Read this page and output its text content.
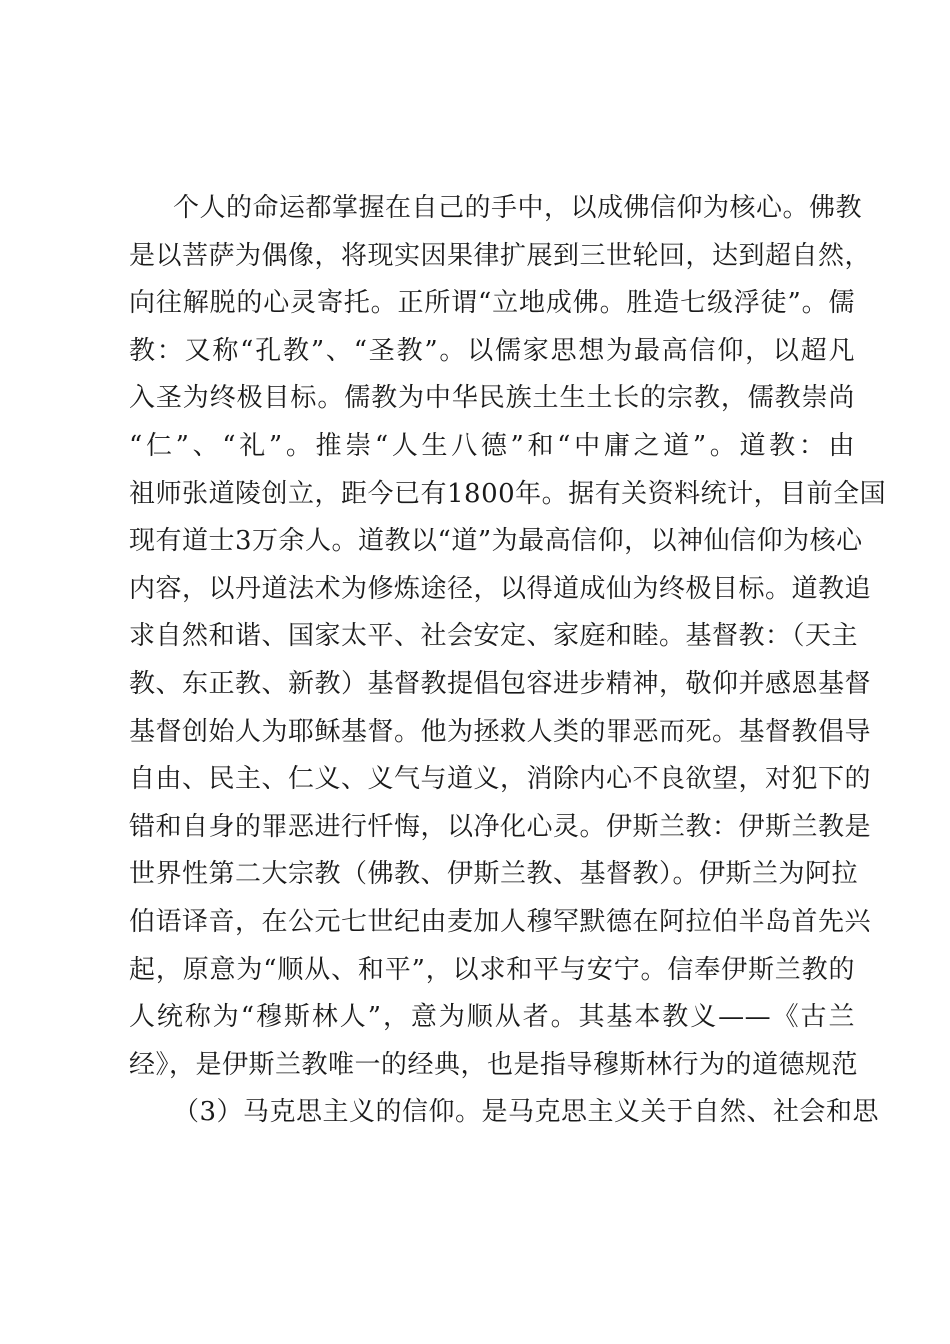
个人的命运都掌握在自己的手中，以成佛信仰为核心。佛教
是以菩萨为偶像，将现实因果律扩展到三世轮回，达到超自然，
向往解脱的心灵寄托。正所谓“立地成佛。胜造七级浮徒”。儒
教：又称“孔教”、“圣教”。以儒家思想为最高信仰，以超凡
入圣为终极目标。儒教为中华民族土生土长的宗教，儒教崇尚
“仁”、“礼”。推崇“人生八德”和“中庸之道”。道教：由
祖师张道陵创立，距今已有1800年。据有关资料统计，目前全国
现有道士3万余人。道教以“道”为最高信仰，以神仙信仰为核心
内容，以丹道法术为修炼途径，以得道成仙为终极目标。道教追
求自然和谐、国家太平、社会安定、家庭和睦。基督教：（天主
教、东正教、新教）基督教提倡包容进步精神，敬仰并感恩基督
基督创始人为耶稣基督。他为拯救人类的罪恶而死。基督教倡导
自由、民主、仁义、义气与道义，消除内心不良欲望，对犯下的
错和自身的罪恶进行忏悔，以净化心灵。伊斯兰教：伊斯兰教是
世界性第二大宗教（佛教、伊斯兰教、基督教）。伊斯兰为阿拉
伯语译音，在公元七世纪由麦加人穆罕默德在阿拉伯半岛首先兴
起，原意为“顺从、和平”，以求和平与安宁。信奉伊斯兰教的
人统称为“穆斯林人”，意为顺从者。其基本教义——《古兰
经》，是伊斯兰教唯一的经典，也是指导穆斯林行为的道德规范
（3）马克思主义的信仰。是马克思主义关于自然、社会和思
